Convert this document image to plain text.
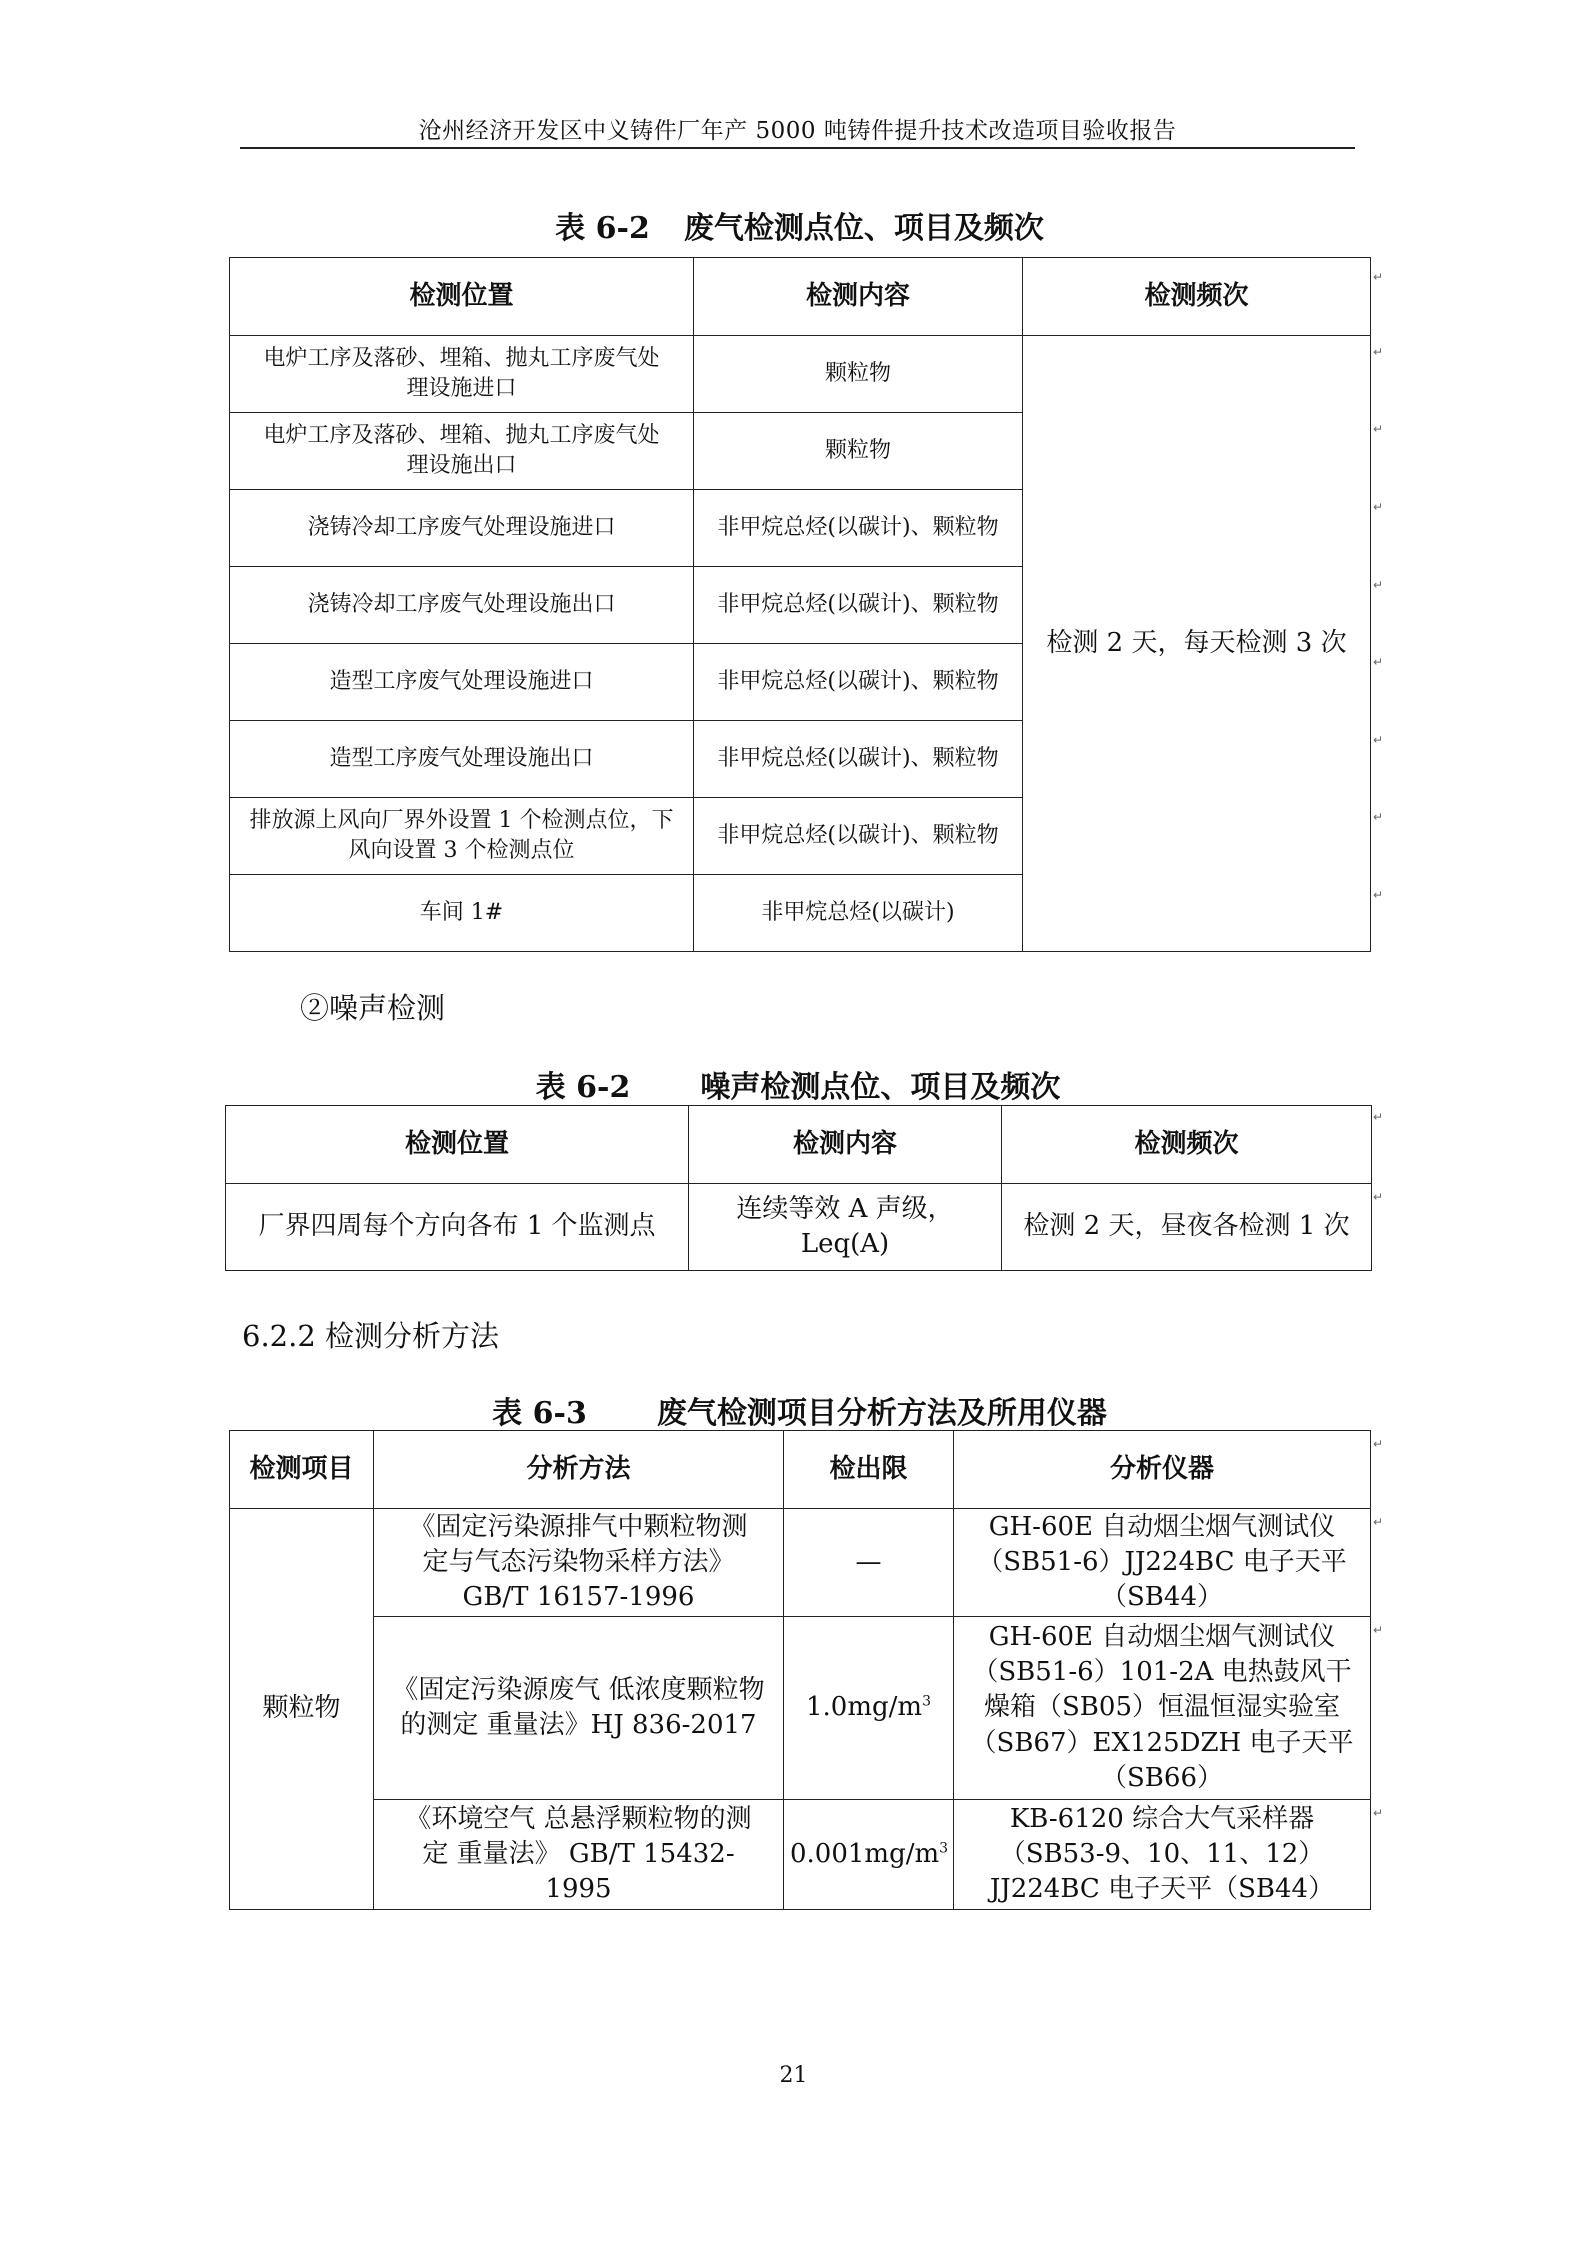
沧州经济开发区中义铸件厂年产 5000 吨铸件提升技术改造项目验收报告
表 6-2 废气检测点位、项目及频次
检测位置	检测内容	检测频次
电炉工序及落砂、埋箱、抛丸工序废气处理设施进口	颗粒物	检测 2 天，每天检测 3 次
电炉工序及落砂、埋箱、抛丸工序废气处理设施出口	颗粒物	
浇铸冷却工序废气处理设施进口	非甲烷总烃(以碳计)、颗粒物	
浇铸冷却工序废气处理设施出口	非甲烷总烃(以碳计)、颗粒物	
造型工序废气处理设施进口	非甲烷总烃(以碳计)、颗粒物	
造型工序废气处理设施出口	非甲烷总烃(以碳计)、颗粒物	
排放源上风向厂界外设置 1 个检测点位，下风向设置 3 个检测点位	非甲烷总烃(以碳计)、颗粒物	
车间 1#	非甲烷总烃(以碳计)	
②噪声检测
表 6-2 噪声检测点位、项目及频次
检测位置	检测内容	检测频次
厂界四周每个方向各布 1 个监测点	连续等效 A 声级，Leq(A)	检测 2 天，昼夜各检测 1 次
6.2.2 检测分析方法
表 6-3 废气检测项目分析方法及所用仪器
检测项目	分析方法	检出限	分析仪器
颗粒物	《固定污染源排气中颗粒物测定与气态污染物采样方法》GB/T 16157-1996	—	GH-60E 自动烟尘烟气测试仪（SB51-6）JJ224BC 电子天平（SB44）
	《固定污染源废气 低浓度颗粒物的测定 重量法》HJ 836-2017	$1.0mg/m^3$	GH-60E 自动烟尘烟气测试仪（SB51-6）101-2A 电热鼓风干燥箱（SB05）恒温恒湿实验室（SB67）EX125DZH 电子天平（SB66）
	《环境空气 总悬浮颗粒物的测定 重量法》 GB/T 15432-1995	$0.001mg/m^3$	KB-6120 综合大气采样器（SB53-9、10、11、12）JJ224BC 电子天平（SB44）
↵
↵
↵
↵
↵
↵
↵
↵
↵
↵
↵
↵
↵
↵
↵
21
